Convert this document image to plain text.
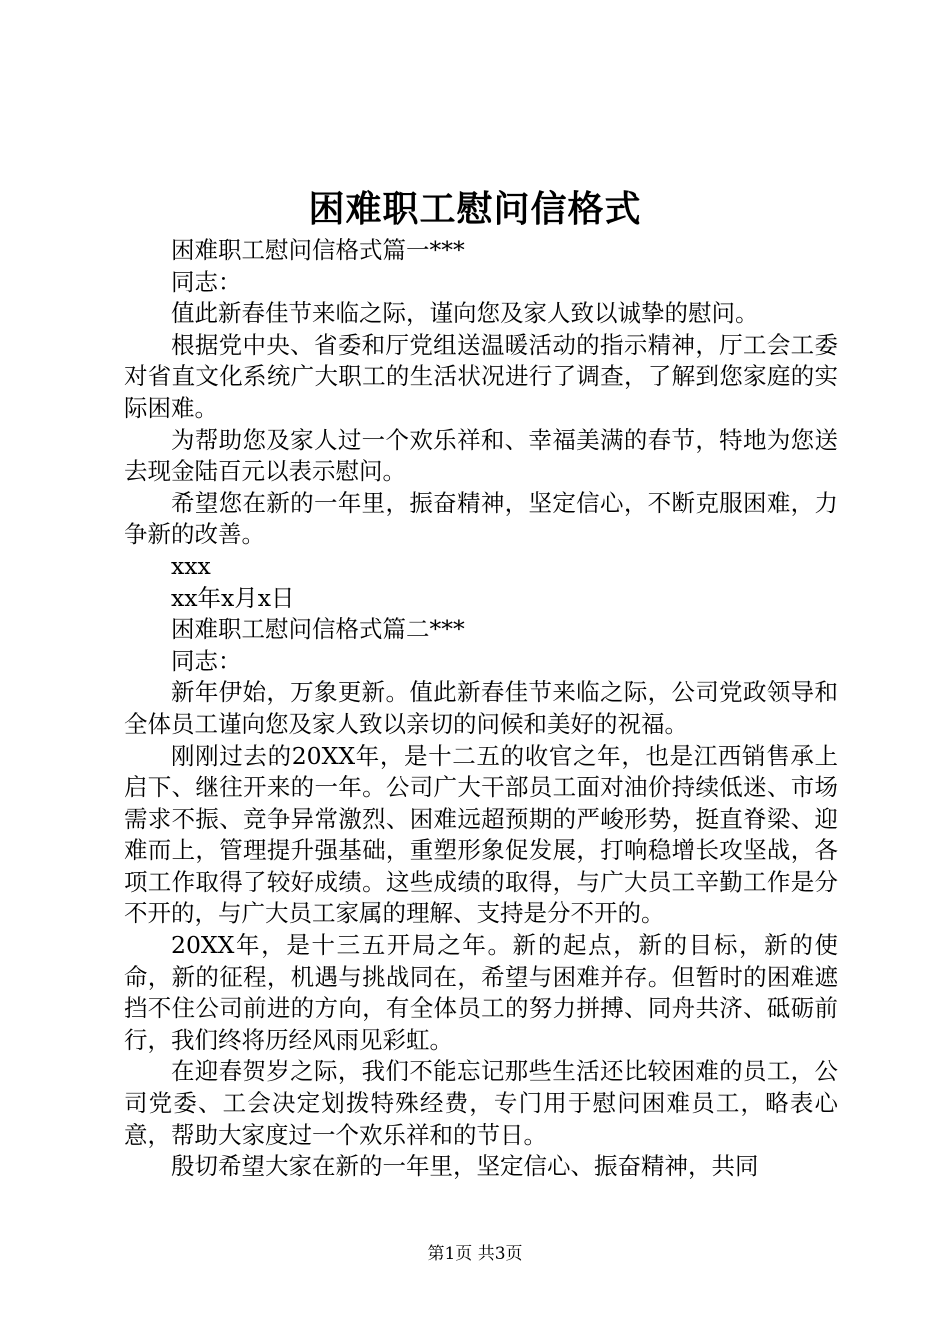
困难职工慰问信格式

困难职工慰问信格式篇一***

同志：

值此新春佳节来临之际，谨向您及家人致以诚挚的慰问。

根据党中央、省委和厅党组送温暖活动的指示精神，厅工会工委对省直文化系统广大职工的生活状况进行了调查，了解到您家庭的实际困难。

为帮助您及家人过一个欢乐祥和、幸福美满的春节，特地为您送去现金陆百元以表示慰问。

希望您在新的一年里，振奋精神，坚定信心，不断克服困难，力争新的改善。

xxx

xx年x月x日

困难职工慰问信格式篇二***

同志：

新年伊始，万象更新。值此新春佳节来临之际，公司党政领导和全体员工谨向您及家人致以亲切的问候和美好的祝福。

刚刚过去的20XX年，是十二五的收官之年，也是江西销售承上启下、继往开来的一年。公司广大干部员工面对油价持续低迷、市场需求不振、竞争异常激烈、困难远超预期的严峻形势，挺直脊梁、迎难而上，管理提升强基础，重塑形象促发展，打响稳增长攻坚战，各项工作取得了较好成绩。这些成绩的取得，与广大员工辛勤工作是分不开的，与广大员工家属的理解、支持是分不开的。

20XX年，是十三五开局之年。新的起点，新的目标，新的使命，新的征程，机遇与挑战同在，希望与困难并存。但暂时的困难遮挡不住公司前进的方向，有全体员工的努力拼搏、同舟共济、砥砺前行，我们终将历经风雨见彩虹。

在迎春贺岁之际，我们不能忘记那些生活还比较困难的员工，公司党委、工会决定划拨特殊经费，专门用于慰问困难员工，略表心意，帮助大家度过一个欢乐祥和的节日。

殷切希望大家在新的一年里，坚定信心、振奋精神，共同

第1页 共3页
